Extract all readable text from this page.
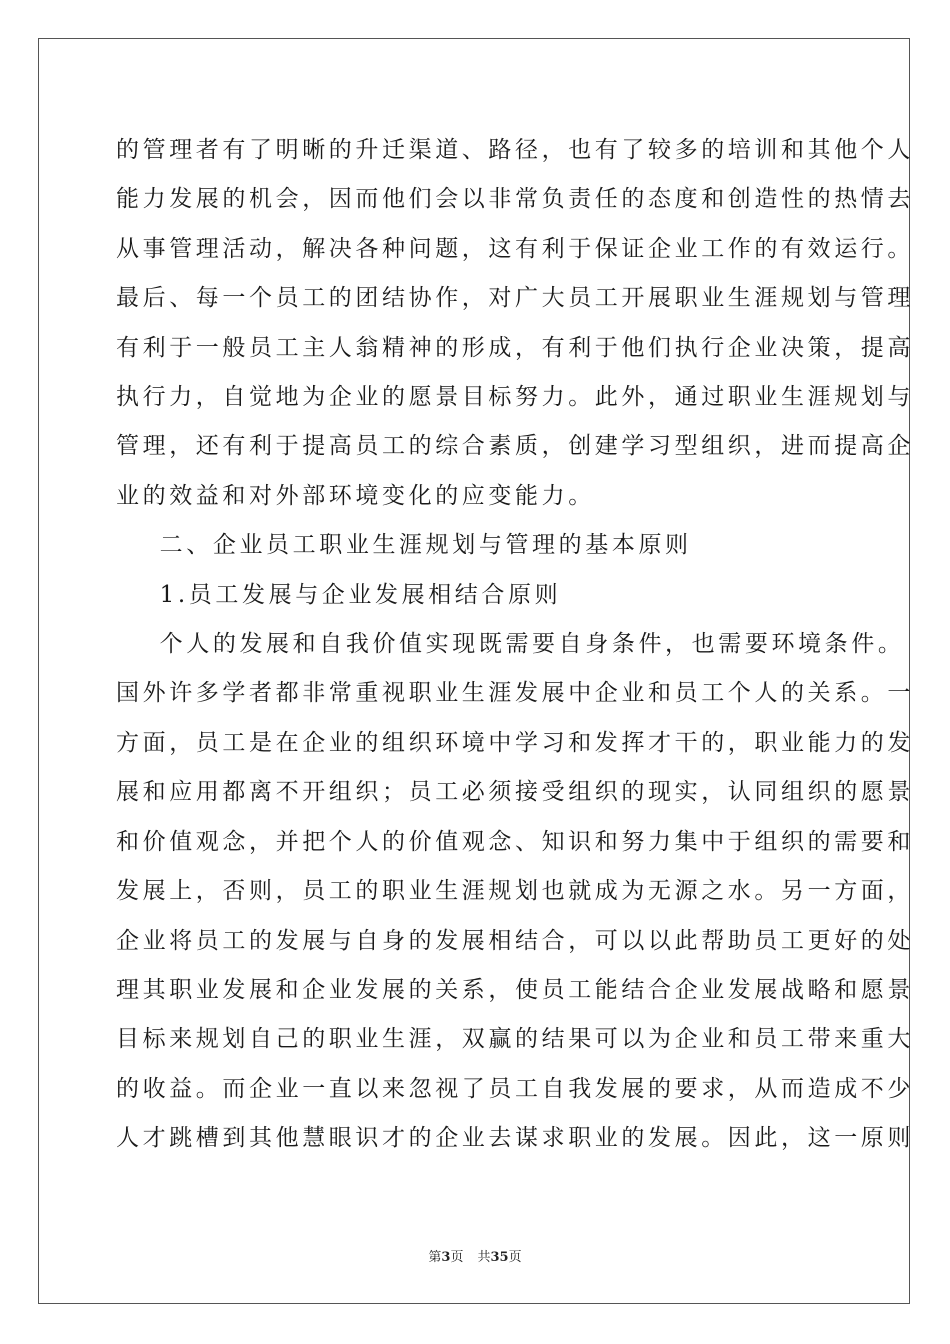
的管理者有了明晰的升迁渠道、路径，也有了较多的培训和其他个人

能力发展的机会，因而他们会以非常负责任的态度和创造性的热情去

从事管理活动，解决各种问题，这有利于保证企业工作的有效运行。

最后、每一个员工的团结协作，对广大员工开展职业生涯规划与管理

有利于一般员工主人翁精神的形成，有利于他们执行企业决策，提高

执行力，自觉地为企业的愿景目标努力。此外，通过职业生涯规划与

管理，还有利于提高员工的综合素质，创建学习型组织，进而提高企

业的效益和对外部环境变化的应变能力。

二、企业员工职业生涯规划与管理的基本原则

1.员工发展与企业发展相结合原则

个人的发展和自我价值实现既需要自身条件，也需要环境条件。

国外许多学者都非常重视职业生涯发展中企业和员工个人的关系。一

方面，员工是在企业的组织环境中学习和发挥才干的，职业能力的发

展和应用都离不开组织；员工必须接受组织的现实，认同组织的愿景

和价值观念，并把个人的价值观念、知识和努力集中于组织的需要和

发展上，否则，员工的职业生涯规划也就成为无源之水。另一方面，

企业将员工的发展与自身的发展相结合，可以以此帮助员工更好的处

理其职业发展和企业发展的关系，使员工能结合企业发展战略和愿景

目标来规划自己的职业生涯，双赢的结果可以为企业和员工带来重大

的收益。而企业一直以来忽视了员工自我发展的要求，从而造成不少

人才跳槽到其他慧眼识才的企业去谋求职业的发展。因此，这一原则

第3页 共35页
